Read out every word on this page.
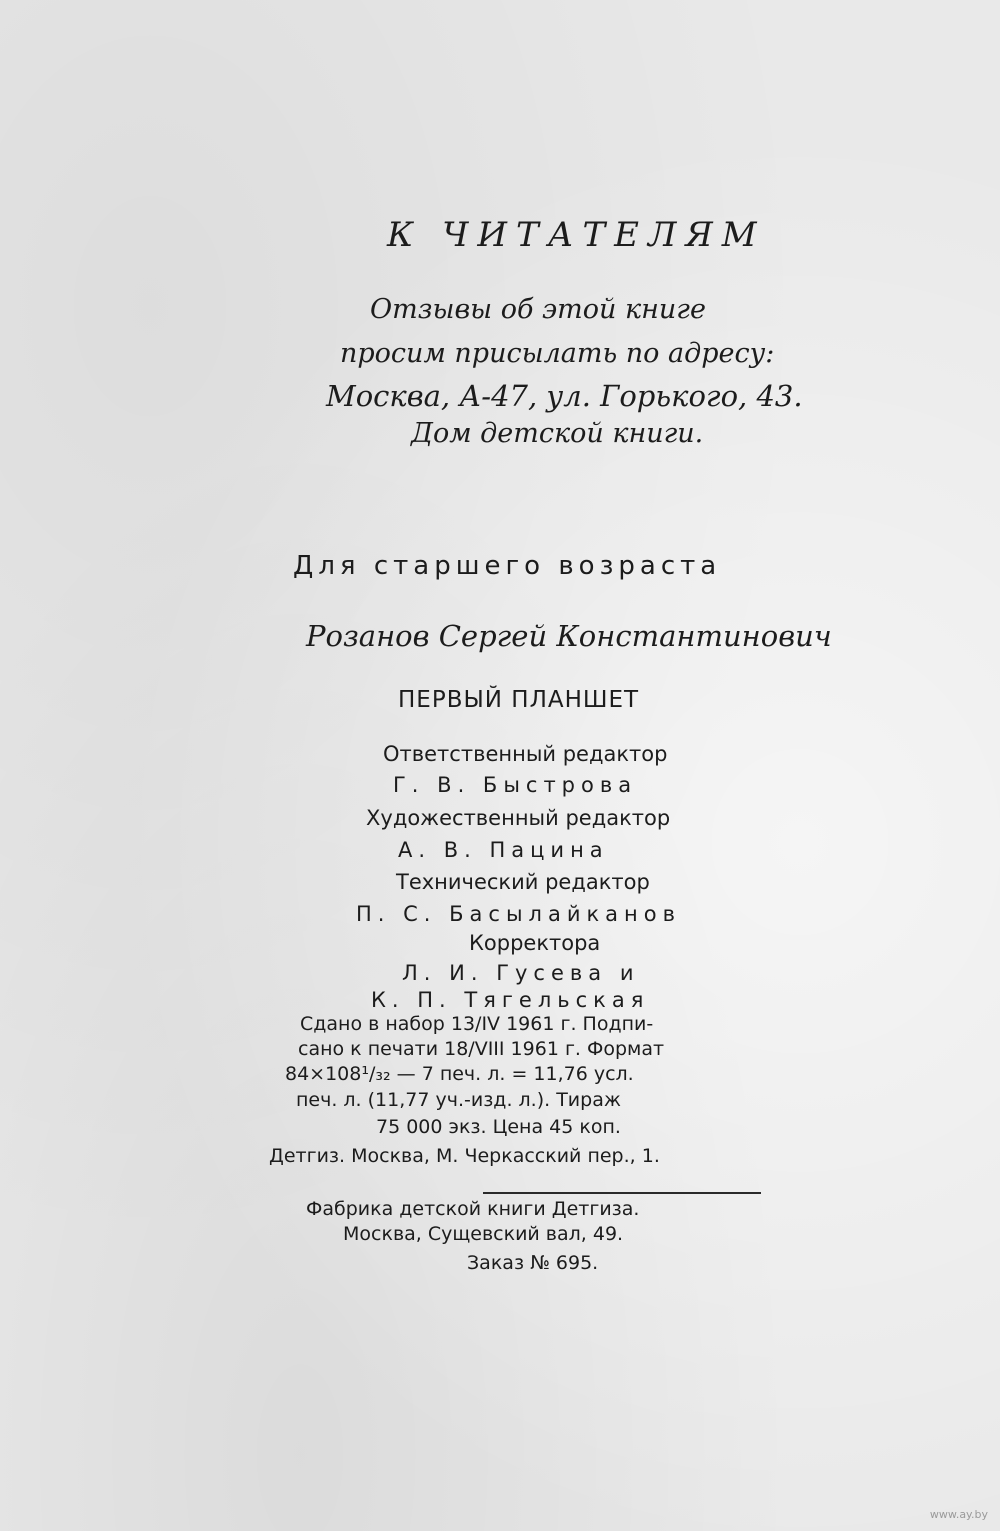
К ЧИТАТЕЛЯМ
Отзывы об этой книге
просим присылать по адресу:
Москва, А-47, ул. Горького, 43.
Дом детской книги.
Для старшего возраста
Розанов Сергей Константинович
ПЕРВЫЙ ПЛАНШЕТ
Ответственный редактор
Г. В. Быстрова
Художественный редактор
А. В. Пацина
Технический редактор
П. С. Басылайканов
Корректора
Л. И. Гусева и
К. П. Тягельская
Сдано в набор 13/IV 1961 г. Подпи-
сано к печати 18/VIII 1961 г. Формат
84×108¹/₃₂ — 7 печ. л. = 11,76 усл.
печ. л. (11,77 уч.-изд. л.). Тираж
75 000 экз. Цена 45 коп.
Детгиз. Москва, М. Черкасский пер., 1.
Фабрика детской книги Детгиза.
Москва, Сущевский вал, 49.
Заказ № 695.
www.ay.by
